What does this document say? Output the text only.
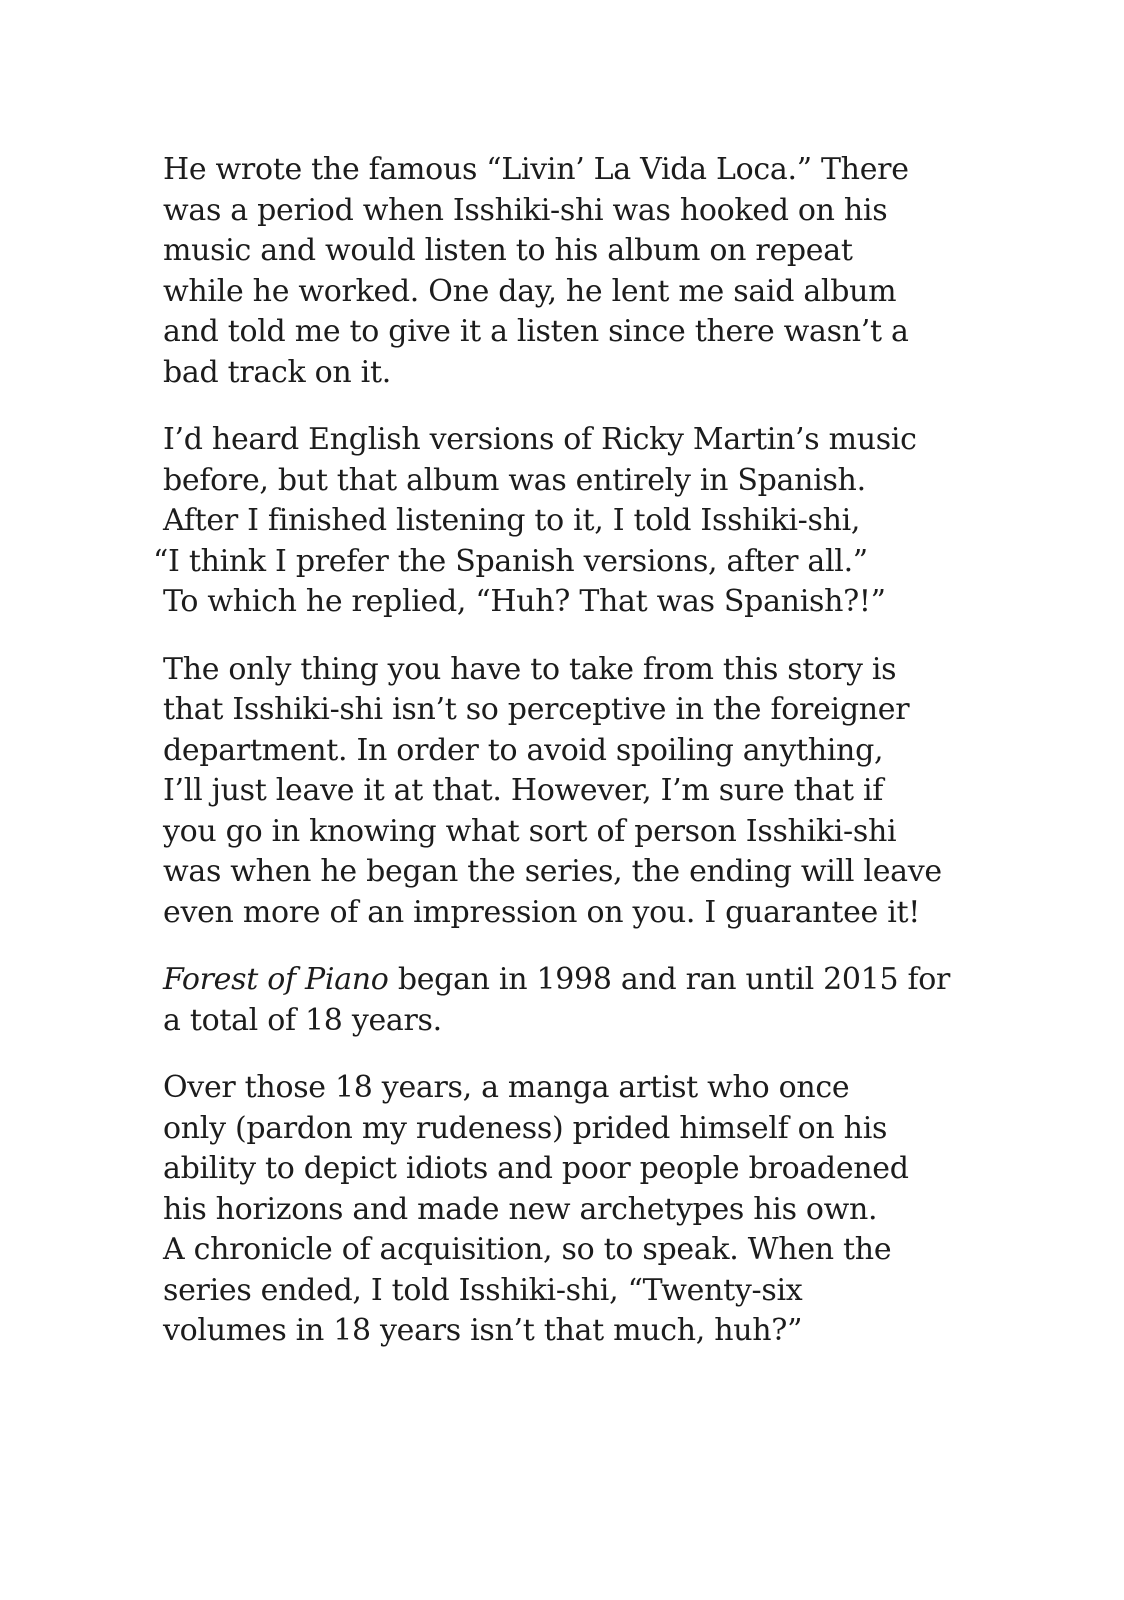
He wrote the famous “Livin’ La Vida Loca.” There
was a period when Isshiki-shi was hooked on his
music and would listen to his album on repeat
while he worked. One day, he lent me said album
and told me to give it a listen since there wasn’t a
bad track on it.

I’d heard English versions of Ricky Martin’s music
before, but that album was entirely in Spanish.
After I finished listening to it, I told Isshiki-shi,
“I think I prefer the Spanish versions, after all.”
To which he replied, “Huh? That was Spanish?!”

The only thing you have to take from this story is
that Isshiki-shi isn’t so perceptive in the foreigner
department. In order to avoid spoiling anything,
I’ll just leave it at that. However, I’m sure that if
you go in knowing what sort of person Isshiki-shi
was when he began the series, the ending will leave
even more of an impression on you. I guarantee it!

Forest of Piano began in 1998 and ran until 2015 for
a total of 18 years.

Over those 18 years, a manga artist who once
only (pardon my rudeness) prided himself on his
ability to depict idiots and poor people broadened
his horizons and made new archetypes his own.
A chronicle of acquisition, so to speak. When the
series ended, I told Isshiki-shi, “Twenty-six
volumes in 18 years isn’t that much, huh?”
